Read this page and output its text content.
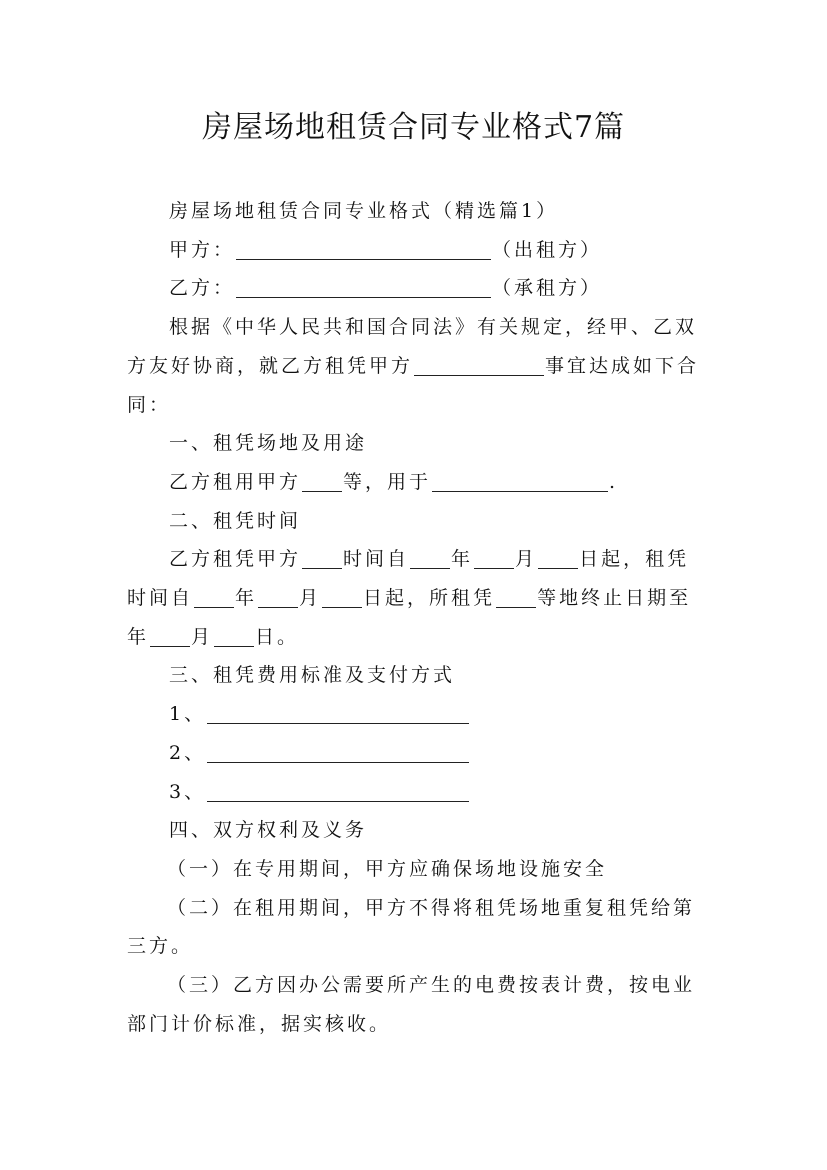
房屋场地租赁合同专业格式7篇

房屋场地租赁合同专业格式（精选篇1）

甲方：	（出租方）

乙方：	（承租方）

根据《中华人民共和国合同法》有关规定，经甲、乙双

方友好协商，就乙方租凭甲方	事宜达成如下合

同：

一、租凭场地及用途

乙方租用甲方 等，用于	.

二、租凭时间

乙方租凭甲方 时间自 年 月 日起，租凭

时间自 年 月 日起，所租凭 等地终止日期至

年 月 日。

三、租凭费用标准及支付方式

1、

2、

3、

四、双方权利及义务

（一）在专用期间，甲方应确保场地设施安全

（二）在租用期间，甲方不得将租凭场地重复租凭给第

三方。

（三）乙方因办公需要所产生的电费按表计费，按电业

部门计价标准，据实核收。
